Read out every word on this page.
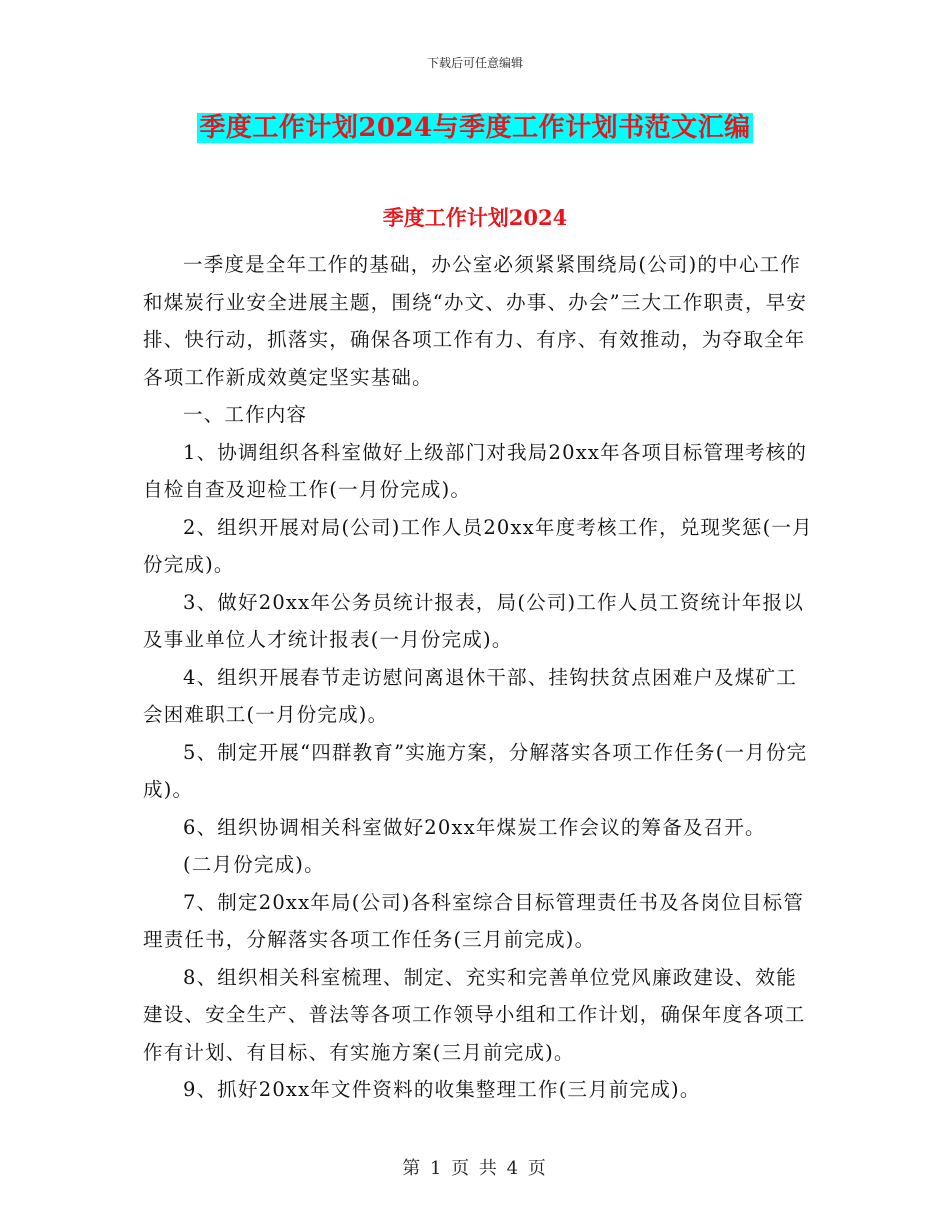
下载后可任意编辑
季度工作计划2024与季度工作计划书范文汇编
季度工作计划2024

一季度是全年工作的基础，办公室必须紧紧围绕局(公司)的中心工作和煤炭行业安全进展主题，围绕“办文、办事、办会”三大工作职责，早安排、快行动，抓落实，确保各项工作有力、有序、有效推动，为夺取全年各项工作新成效奠定坚实基础。

一、工作内容

1、协调组织各科室做好上级部门对我局20xx年各项目标管理考核的自检自查及迎检工作(一月份完成)。

2、组织开展对局(公司)工作人员20xx年度考核工作，兑现奖惩(一月份完成)。

3、做好20xx年公务员统计报表，局(公司)工作人员工资统计年报以及事业单位人才统计报表(一月份完成)。

4、组织开展春节走访慰问离退休干部、挂钩扶贫点困难户及煤矿工会困难职工(一月份完成)。

5、制定开展“四群教育”实施方案，分解落实各项工作任务(一月份完成)。

6、组织协调相关科室做好20xx年煤炭工作会议的筹备及召开。

(二月份完成)。

7、制定20xx年局(公司)各科室综合目标管理责任书及各岗位目标管理责任书，分解落实各项工作任务(三月前完成)。

8、组织相关科室梳理、制定、充实和完善单位党风廉政建设、效能建设、安全生产、普法等各项工作领导小组和工作计划，确保年度各项工作有计划、有目标、有实施方案(三月前完成)。

9、抓好20xx年文件资料的收集整理工作(三月前完成)。

第 1 页 共 4 页
